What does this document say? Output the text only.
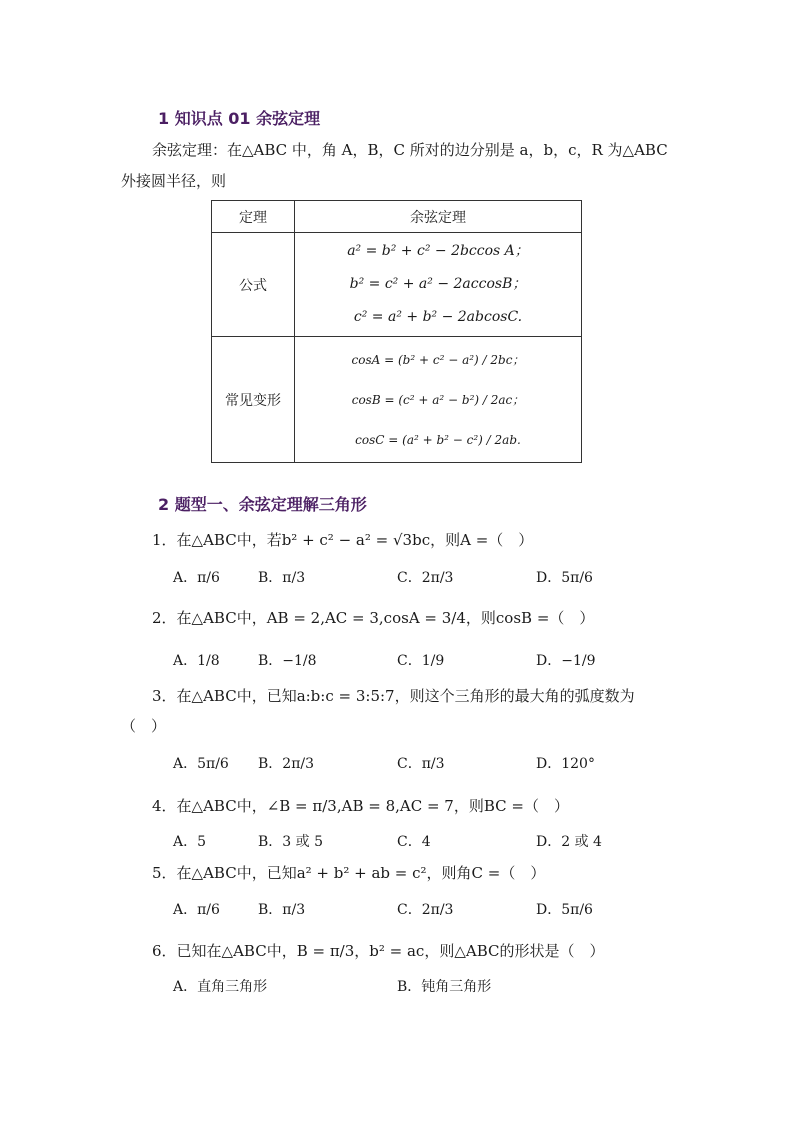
1 知识点 01 余弦定理
余弦定理：在△ABC 中，角 A，B，C 所对的边分别是 a，b，c，R 为△ABC
外接圆半径，则
定理	余弦定理
公式	a² = b² + c² − 2bccos A；
b² = c² + a² − 2accosB；
c² = a² + b² − 2abcosC.

常见变形	cosA = (b² + c² − a²) / 2bc；
cosB = (c² + a² − b²) / 2ac；
cosC = (a² + b² − c²) / 2ab.
2 题型一、余弦定理解三角形
1．在△ABC中，若b² + c² − a² = √3bc，则A =（　）
A．π/6	B．π/3	C．2π/3	D．5π/6
2．在△ABC中，AB = 2,AC = 3,cosA = 3/4，则cosB =（　）
A．1/8	B．−1/8	C．1/9	D．−1/9
3．在△ABC中，已知a:b:c = 3:5:7，则这个三角形的最大角的弧度数为
（　）
A．5π/6 B．2π/3	C．π/3	D．120°
4．在△ABC中，∠B = π/3,AB = 8,AC = 7，则BC =（　）
A．5	B．3 或 5	C．4	D．2 或 4
5．在△ABC中，已知a² + b² + ab = c²，则角C =（　）
A．π/6	B．π/3	C．2π/3	D．5π/6
6．已知在△ABC中，B = π/3，b² = ac，则△ABC的形状是（　）
A．直角三角形	B．钝角三角形
